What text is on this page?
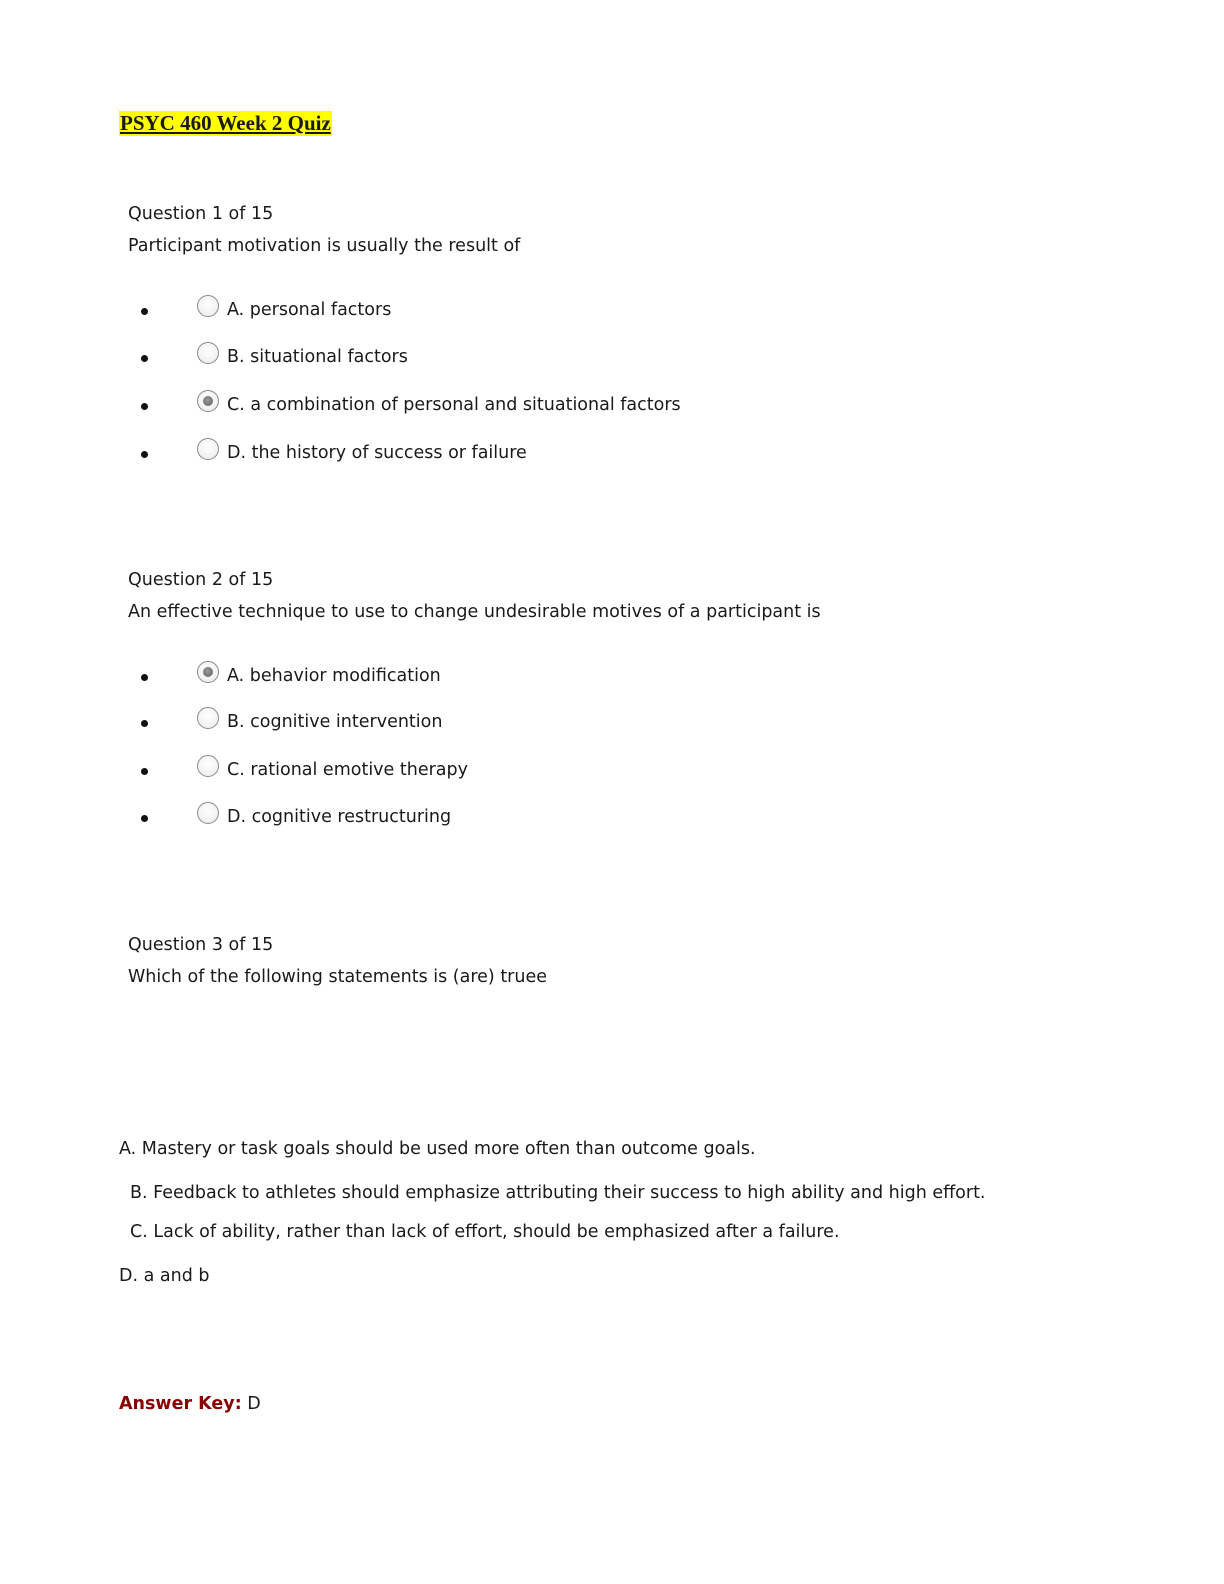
PSYC 460 Week 2 Quiz
Question 1 of 15
Participant motivation is usually the result of
A. personal factors
B. situational factors
C. a combination of personal and situational factors
D. the history of success or failure
Question 2 of 15
An effective technique to use to change undesirable motives of a participant is
A. behavior modification
B. cognitive intervention
C. rational emotive therapy
D. cognitive restructuring
Question 3 of 15
Which of the following statements is (are) truee
A. Mastery or task goals should be used more often than outcome goals.
B. Feedback to athletes should emphasize attributing their success to high ability and high effort.
C. Lack of ability, rather than lack of effort, should be emphasized after a failure.
D. a and b
Answer Key: D
